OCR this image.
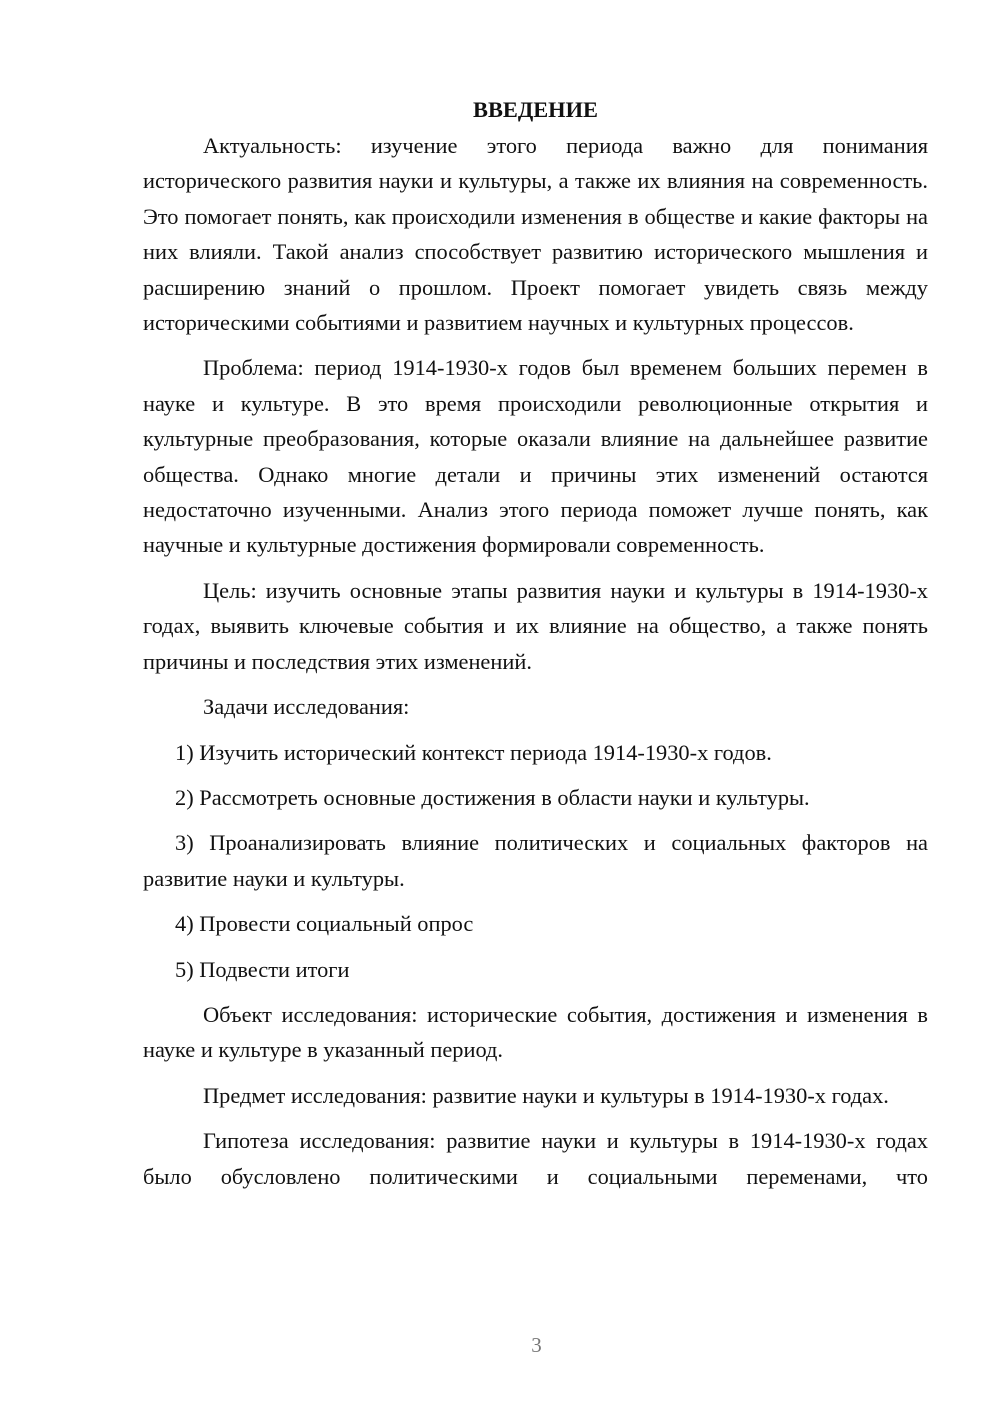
ВВЕДЕНИЕ

Актуальность: изучение этого периода важно для понимания исторического развития науки и культуры, а также их влияния на современность. Это помогает понять, как происходили изменения в обществе и какие факторы на них влияли. Такой анализ способствует развитию исторического мышления и расширению знаний о прошлом. Проект помогает увидеть связь между историческими событиями и развитием научных и культурных процессов.

Проблема: период 1914-1930-х годов был временем больших перемен в науке и культуре. В это время происходили революционные открытия и культурные преобразования, которые оказали влияние на дальнейшее развитие общества. Однако многие детали и причины этих изменений остаются недостаточно изученными. Анализ этого периода поможет лучше понять, как научные и культурные достижения формировали современность.

Цель: изучить основные этапы развития науки и культуры в 1914-1930-х годах, выявить ключевые события и их влияние на общество, а также понять причины и последствия этих изменений.

Задачи исследования:

1) Изучить исторический контекст периода 1914-1930-х годов.

2) Рассмотреть основные достижения в области науки и культуры.

3) Проанализировать влияние политических и социальных факторов на развитие науки и культуры.

4) Провести социальный опрос

5) Подвести итоги

Объект исследования: исторические события, достижения и изменения в науке и культуре в указанный период.

Предмет исследования: развитие науки и культуры в 1914-1930-х годах.

Гипотеза исследования: развитие науки и культуры в 1914-1930-х годах было обусловлено политическими и социальными переменами, что

3
